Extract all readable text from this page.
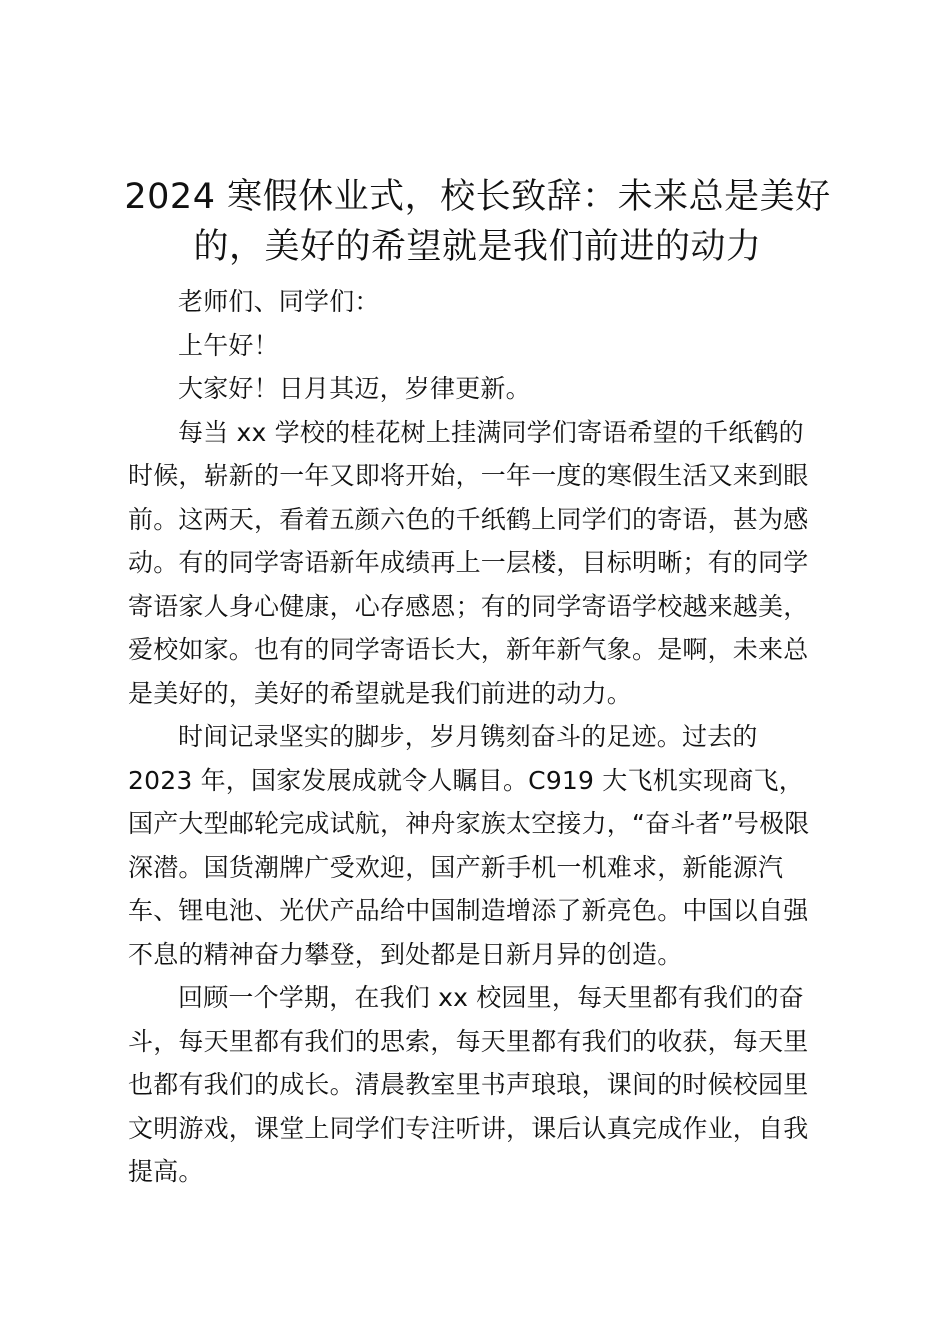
2024 寒假休业式，校长致辞：未来总是美好的，美好的希望就是我们前进的动力

老师们、同学们：

上午好！

大家好！日月其迈，岁律更新。

每当 xx 学校的桂花树上挂满同学们寄语希望的千纸鹤的时候，崭新的一年又即将开始，一年一度的寒假生活又来到眼前。这两天，看着五颜六色的千纸鹤上同学们的寄语，甚为感动。有的同学寄语新年成绩再上一层楼，目标明晰；有的同学寄语家人身心健康，心存感恩；有的同学寄语学校越来越美，爱校如家。也有的同学寄语长大，新年新气象。是啊，未来总是美好的，美好的希望就是我们前进的动力。

时间记录坚实的脚步，岁月镌刻奋斗的足迹。过去的 2023 年，国家发展成就令人瞩目。C919 大飞机实现商飞，国产大型邮轮完成试航，神舟家族太空接力，“奋斗者”号极限深潜。国货潮牌广受欢迎，国产新手机一机难求，新能源汽车、锂电池、光伏产品给中国制造增添了新亮色。中国以自强不息的精神奋力攀登，到处都是日新月异的创造。

回顾一个学期，在我们 xx 校园里，每天里都有我们的奋斗，每天里都有我们的思索，每天里都有我们的收获，每天里也都有我们的成长。清晨教室里书声琅琅，课间的时候校园里文明游戏，课堂上同学们专注听讲，课后认真完成作业，自我提高。
